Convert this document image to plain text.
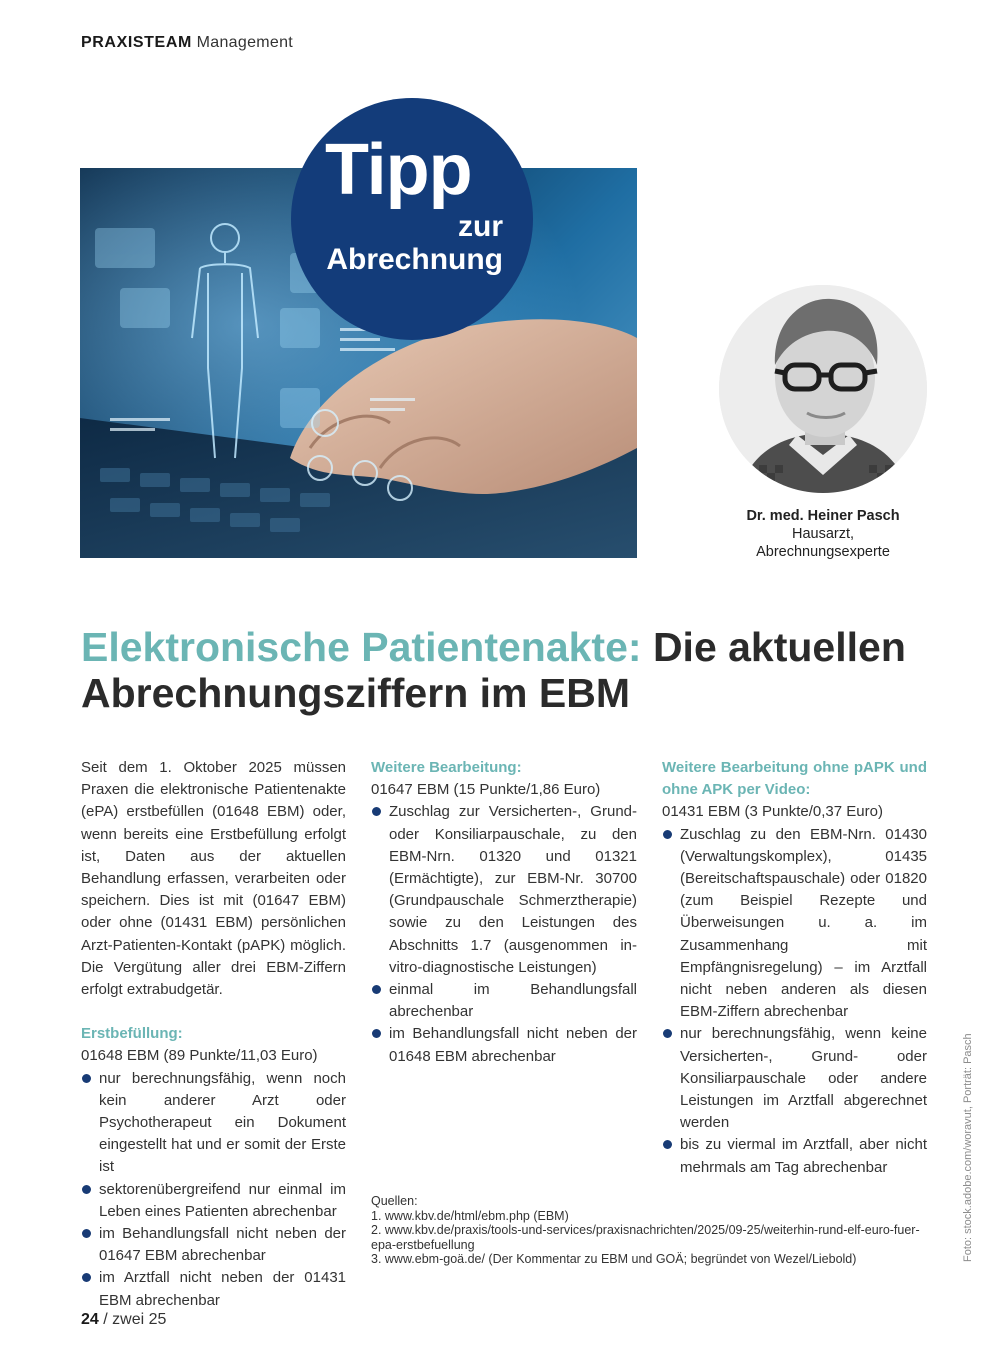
PRAXISTEAM Management
Tipp
zur
Abrechnung
Dr. med. Heiner Pasch
Hausarzt,
Abrechnungsexperte
Elektronische Patientenakte: Die aktuellen Abrechnungsziffern im EBM

Seit dem 1. Oktober 2025 müssen Praxen die elektronische Patientenakte (ePA) erstbefüllen (01648 EBM) oder, wenn bereits eine Erstbefüllung erfolgt ist, Daten aus der aktuellen Behandlung erfassen, verarbeiten oder speichern. Dies ist mit (01647 EBM) oder ohne (01431 EBM) persönlichen Arzt-Patienten-Kontakt (pAPK) möglich. Die Vergütung aller drei EBM-Ziffern erfolgt extrabudgetär.

Erstbefüllung:

01648 EBM (89 Punkte/11,03 Euro)

nur berechnungsfähig, wenn noch kein anderer Arzt oder Psychotherapeut ein Dokument eingestellt hat und er somit der Erste ist
sektorenübergreifend nur einmal im Leben eines Patienten abrechenbar
im Behandlungsfall nicht neben der 01647 EBM abrechenbar
im Arztfall nicht neben der 01431 EBM abrechenbar

Weitere Bearbeitung:

01647 EBM (15 Punkte/1,86 Euro)

Zuschlag zur Versicherten-, Grund- oder Konsiliarpauschale, zu den EBM-Nrn. 01320 und 01321 (Ermächtigte), zur EBM-Nr. 30700 (Grundpauschale Schmerztherapie) sowie zu den Leistungen des Abschnitts 1.7 (ausgenommen in-vitro-diagnostische Leistungen)
einmal im Behandlungsfall abrechenbar
im Behandlungsfall nicht neben der 01648 EBM abrechenbar

Weitere Bearbeitung ohne pAPK und ohne APK per Video:

01431 EBM (3 Punkte/0,37 Euro)

Zuschlag zu den EBM-Nrn. 01430 (Verwaltungskomplex), 01435 (Bereitschaftspauschale) oder 01820 (zum Beispiel Rezepte und Überweisungen u. a. im Zusammenhang mit Empfängnisregelung) – im Arztfall nicht neben anderen als diesen EBM-Ziffern abrechenbar
nur berechnungsfähig, wenn keine Versicherten-, Grund- oder Konsiliarpauschale oder andere Leistungen im Arztfall abgerechnet werden
bis zu viermal im Arztfall, aber nicht mehrmals am Tag abrechenbar
Quellen:
1. www.kbv.de/html/ebm.php (EBM)
2. www.kbv.de/praxis/tools-und-services/praxisnachrichten/2025/09-25/weiterhin-rund-elf-euro-fuer-epa-erstbefuellung
3. www.ebm-goä.de/ (Der Kommentar zu EBM und GOÄ; begründet von Wezel/Liebold)	Foto: stock.adobe.com/woravut, Porträt: Pasch
24 / zwei 25
